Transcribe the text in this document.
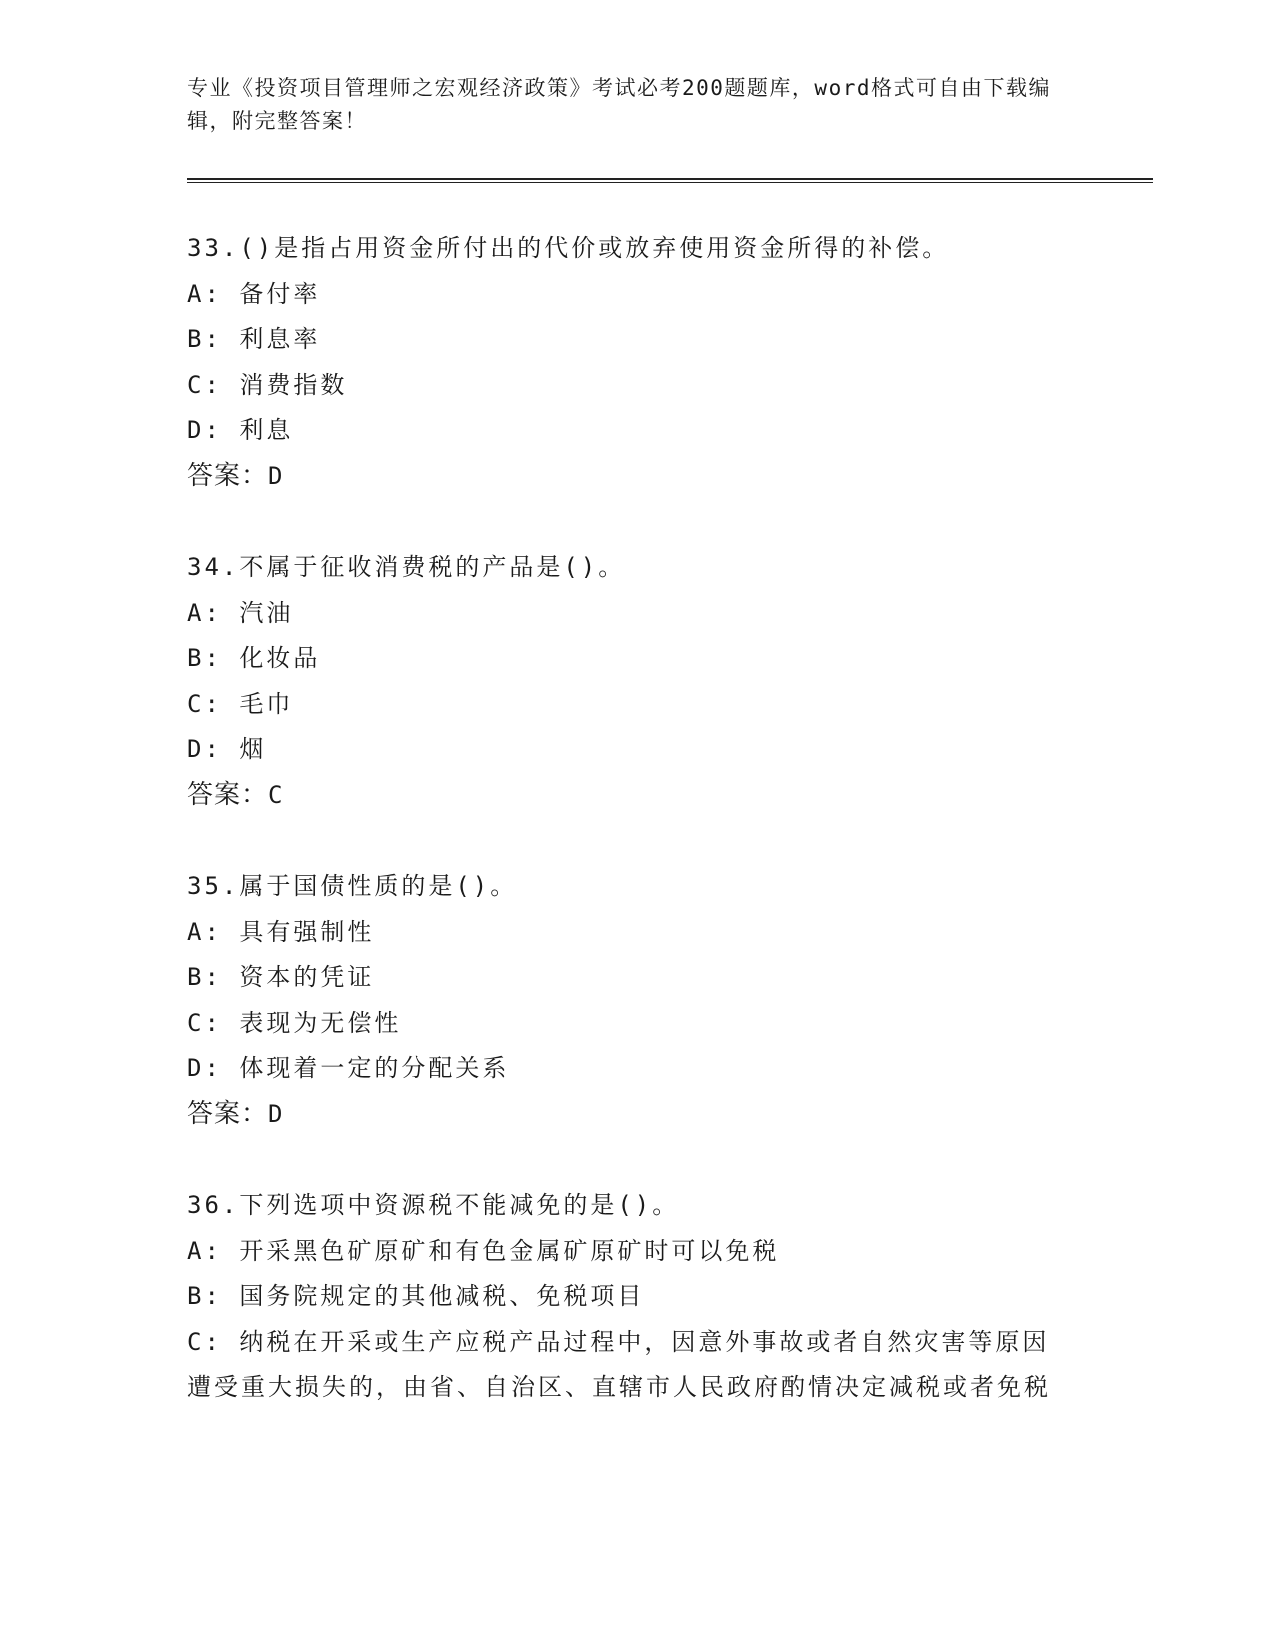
专业《投资项目管理师之宏观经济政策》考试必考200题题库，word格式可自由下载编辑，附完整答案！
33.()是指占用资金所付出的代价或放弃使用资金所得的补偿。
A: 备付率
B: 利息率
C: 消费指数
D: 利息
答案：D
34.不属于征收消费税的产品是()。
A: 汽油
B: 化妆品
C: 毛巾
D: 烟
答案：C
35.属于国债性质的是()。
A: 具有强制性
B: 资本的凭证
C: 表现为无偿性
D: 体现着一定的分配关系
答案：D
36.下列选项中资源税不能减免的是()。
A: 开采黑色矿原矿和有色金属矿原矿时可以免税
B: 国务院规定的其他减税、免税项目
C: 纳税在开采或生产应税产品过程中，因意外事故或者自然灾害等原因遭受重大损失的，由省、自治区、直辖市人民政府酌情决定减税或者免税
